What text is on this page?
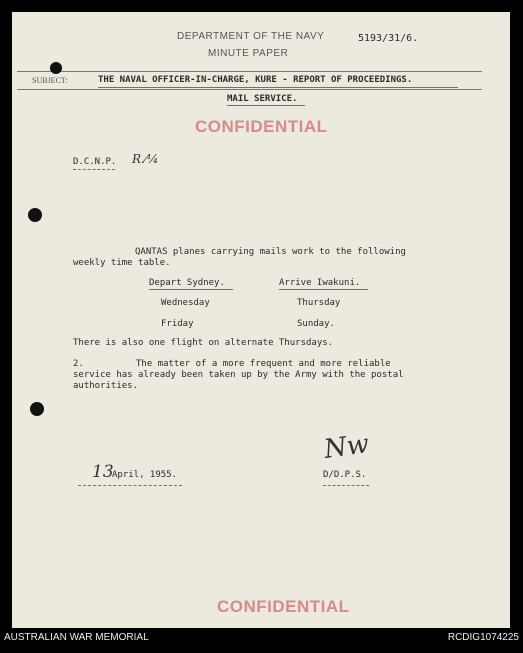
DEPARTMENT OF THE NAVY	5193/31/6.
MINUTE PAPER
SUBJECT:	THE NAVAL OFFICER-IN-CHARGE, KURE - REPORT OF PROCEEDINGS.
MAIL SERVICE.
CONFIDENTIAL
D.C.N.P. R.⁄¼
QANTAS planes carrying mails work to the following
weekly time table.
Depart Sydney.	Arrive Iwakuni.
Wednesday	Thursday
Friday	Sunday.
There is also one flight on alternate Thursdays.
2.	The matter of a more frequent and more reliable
service has already been taken up by the Army with the postal
authorities.
13
April, 1955.
Nw
D/D.P.S.
CONFIDENTIAL
AUSTRALIAN WAR MEMORIAL	RCDIG1074225
